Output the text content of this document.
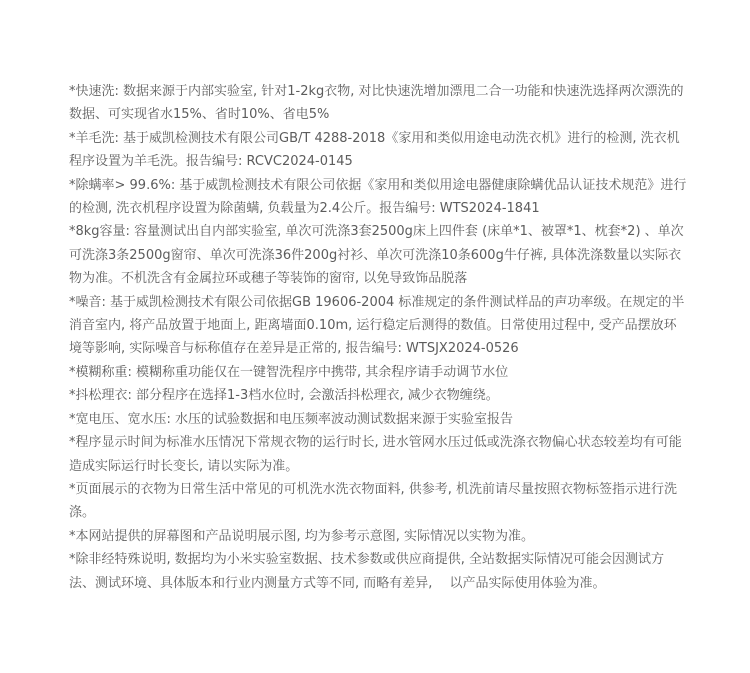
*快速洗: 数据来源于内部实验室, 针对1-2kg衣物, 对比快速洗增加漂甩二合一功能和快速洗选择两次漂洗的数据、可实现省水15%、省时10%、省电5%
*羊毛洗: 基于威凯检测技术有限公司GB/T 4288-2018《家用和类似用途电动洗衣机》进行的检测, 洗衣机程序设置为羊毛洗。报告编号: RCVC2024-0145
*除螨率> 99.6%: 基于威凯检测技术有限公司依据《家用和类似用途电器健康除螨优品认证技术规范》进行的检测, 洗衣机程序设置为除菌螨, 负载量为2.4公斤。报告编号: WTS2024-1841
*8kg容量: 容量测试出自内部实验室, 单次可洗涤3套2500g床上四件套 (床单*1、被罩*1、枕套*2) 、单次可洗涤3条2500g窗帘、单次可洗涤36件200g衬衫、单次可洗涤10条600g牛仔裤, 具体洗涤数量以实际衣物为准。不机洗含有金属拉环或穗子等装饰的窗帘, 以免导致饰品脱落
*噪音: 基于威凯检测技术有限公司依据GB 19606-2004 标准规定的条件测试样品的声功率级。在规定的半消音室内, 将产品放置于地面上, 距离墙面0.10m, 运行稳定后测得的数值。日常使用过程中, 受产品摆放环境等影响, 实际噪音与标称值存在差异是正常的, 报告编号: WTSJX2024-0526
*模糊称重: 模糊称重功能仅在一键智洗程序中携带, 其余程序请手动调节水位
*抖松理衣: 部分程序在选择1-3档水位时, 会激活抖松理衣, 减少衣物缠绕。
*宽电压、宽水压: 水压的试验数据和电压频率波动测试数据来源于实验室报告
*程序显示时间为标准水压情况下常规衣物的运行时长, 进水管网水压过低或洗涤衣物偏心状态较差均有可能造成实际运行时长变长, 请以实际为准。
*页面展示的衣物为日常生活中常见的可机洗水洗衣物面料, 供参考, 机洗前请尽量按照衣物标签指示进行洗涤。
*本网站提供的屏幕图和产品说明展示图, 均为参考示意图, 实际情况以实物为准。
*除非经特殊说明, 数据均为小米实验室数据、技术参数或供应商提供, 全站数据实际情况可能会因测试方法、测试环境、具体版本和行业内测量方式等不同, 而略有差异, 　以产品实际使用体验为准。
